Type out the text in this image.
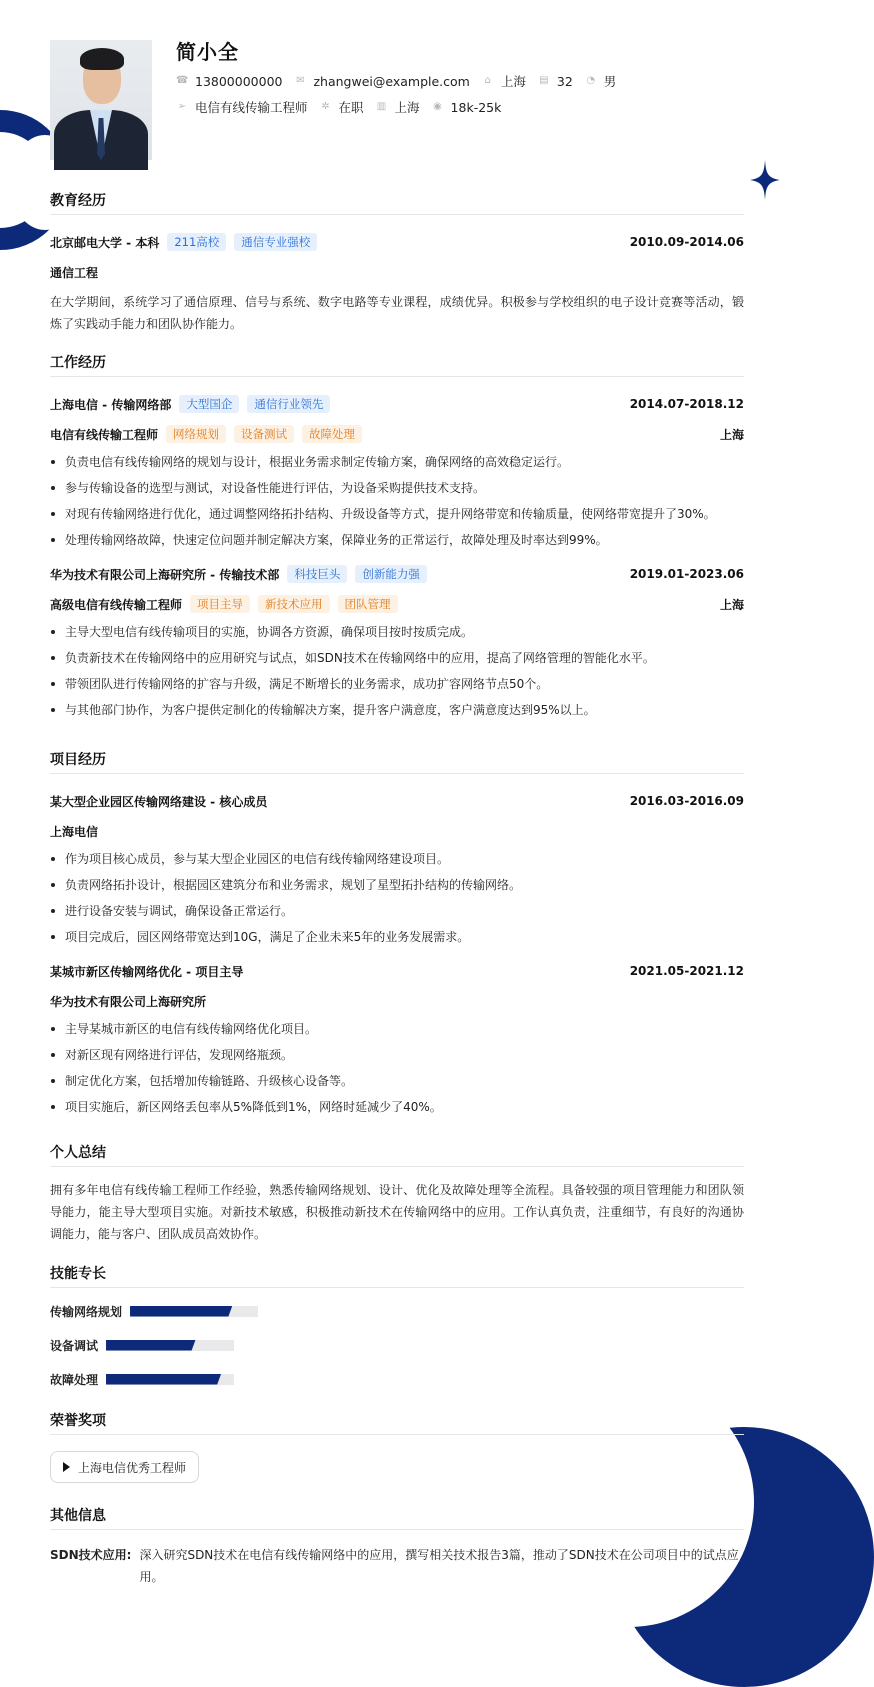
简小全
☎ 13800000000 ✉ zhangwei@example.com ⌂ 上海 ▤ 32 ◔ 男
➢ 电信有线传输工程师 ✲ 在职 ▥ 上海 ◉ 18k-25k
教育经历
北京邮电大学 - 本科	211高校	通信专业强校	2010.09-2014.06
通信工程
在大学期间，系统学习了通信原理、信号与系统、数字电路等专业课程，成绩优异。积极参与学校组织的电子设计竞赛等活动，锻炼了实践动手能力和团队协作能力。
工作经历
上海电信 - 传输网络部	大型国企	通信行业领先	2014.07-2018.12
电信有线传输工程师	网络规划	设备测试	故障处理	上海
负责电信有线传输网络的规划与设计，根据业务需求制定传输方案，确保网络的高效稳定运行。
参与传输设备的选型与测试，对设备性能进行评估，为设备采购提供技术支持。
对现有传输网络进行优化，通过调整网络拓扑结构、升级设备等方式，提升网络带宽和传输质量，使网络带宽提升了30%。
处理传输网络故障，快速定位问题并制定解决方案，保障业务的正常运行，故障处理及时率达到99%。
华为技术有限公司上海研究所 - 传输技术部	科技巨头	创新能力强	2019.01-2023.06
高级电信有线传输工程师	项目主导	新技术应用	团队管理	上海
主导大型电信有线传输项目的实施，协调各方资源，确保项目按时按质完成。
负责新技术在传输网络中的应用研究与试点，如SDN技术在传输网络中的应用，提高了网络管理的智能化水平。
带领团队进行传输网络的扩容与升级，满足不断增长的业务需求，成功扩容网络节点50个。
与其他部门协作，为客户提供定制化的传输解决方案，提升客户满意度，客户满意度达到95%以上。
项目经历
某大型企业园区传输网络建设 - 核心成员	2016.03-2016.09
上海电信
作为项目核心成员，参与某大型企业园区的电信有线传输网络建设项目。
负责网络拓扑设计，根据园区建筑分布和业务需求，规划了星型拓扑结构的传输网络。
进行设备安装与调试，确保设备正常运行。
项目完成后，园区网络带宽达到10G，满足了企业未来5年的业务发展需求。
某城市新区传输网络优化 - 项目主导	2021.05-2021.12
华为技术有限公司上海研究所
主导某城市新区的电信有线传输网络优化项目。
对新区现有网络进行评估，发现网络瓶颈。
制定优化方案，包括增加传输链路、升级核心设备等。
项目实施后，新区网络丢包率从5%降低到1%，网络时延减少了40%。
个人总结
拥有多年电信有线传输工程师工作经验，熟悉传输网络规划、设计、优化及故障处理等全流程。具备较强的项目管理能力和团队领导能力，能主导大型项目实施。对新技术敏感，积极推动新技术在传输网络中的应用。工作认真负责，注重细节，有良好的沟通协调能力，能与客户、团队成员高效协作。
技能专长
传输网络规划
设备调试
故障处理
荣誉奖项
上海电信优秀工程师
其他信息
SDN技术应用: 深入研究SDN技术在电信有线传输网络中的应用，撰写相关技术报告3篇，推动了SDN技术在公司项目中的试点应用。
